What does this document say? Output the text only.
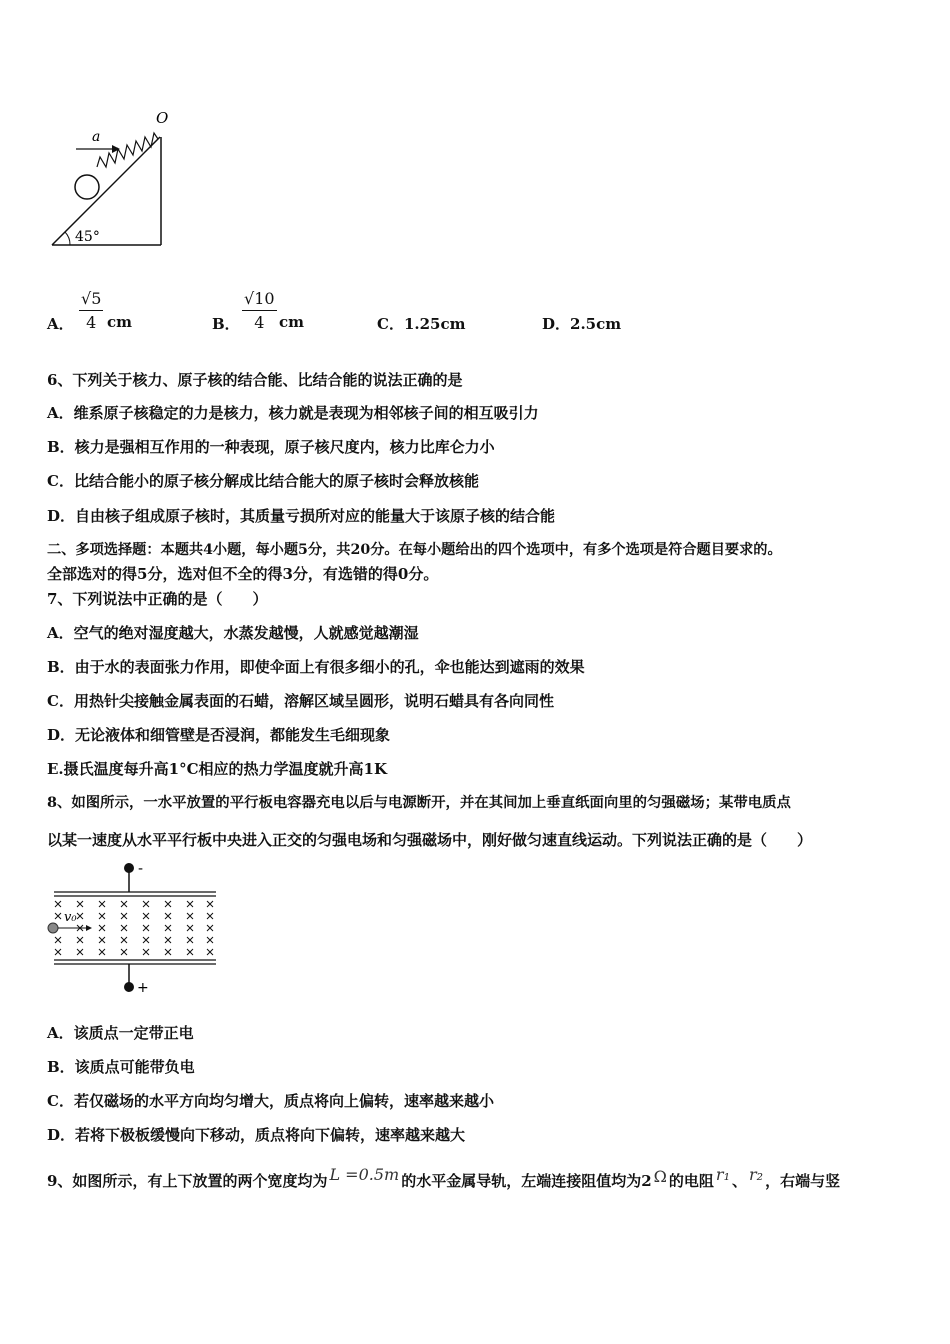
a
O
45°
A．
√5
4 cm	B．
√10
4 cm	C．1.25cm	D．2.5cm
6、下列关于核力、原子核的结合能、比结合能的说法正确的是
A．维系原子核稳定的力是核力，核力就是表现为相邻核子间的相互吸引力
B．核力是强相互作用的一种表现，原子核尺度内，核力比库仑力小
C．比结合能小的原子核分解成比结合能大的原子核时会释放核能
D．自由核子组成原子核时，其质量亏损所对应的能量大于该原子核的结合能
二、多项选择题：本题共4小题，每小题5分，共20分。在每小题给出的四个选项中，有多个选项是符合题目要求的。
全部选对的得5分，选对但不全的得3分，有选错的得0分。
7、下列说法中正确的是（　　）
A．空气的绝对湿度越大，水蒸发越慢，人就感觉越潮湿
B．由于水的表面张力作用，即使伞面上有很多细小的孔，伞也能达到遮雨的效果
C．用热针尖接触金属表面的石蜡，溶解区域呈圆形，说明石蜡具有各向同性
D．无论液体和细管壁是否浸润，都能发生毛细现象
E.摄氏温度每升高1°C相应的热力学温度就升高1K
8、如图所示，一水平放置的平行板电容器充电以后与电源断开，并在其间加上垂直纸面向里的匀强磁场；某带电质点
以某一速度从水平平行板中央进入正交的匀强电场和匀强磁场中，刚好做匀速直线运动。下列说法正确的是（　　）
-
+
v₀
A．该质点一定带正电
B．该质点可能带负电
C．若仅磁场的水平方向均匀增大，质点将向上偏转，速率越来越小
D．若将下极板缓慢向下移动，质点将向下偏转，速率越来越大
9、如图所示，有上下放置的两个宽度均为 L =0.5m 的水平金属导轨，左端连接阻值均为2 Ω 的电阻 r₁ 、 r₂ ，右端与竖
